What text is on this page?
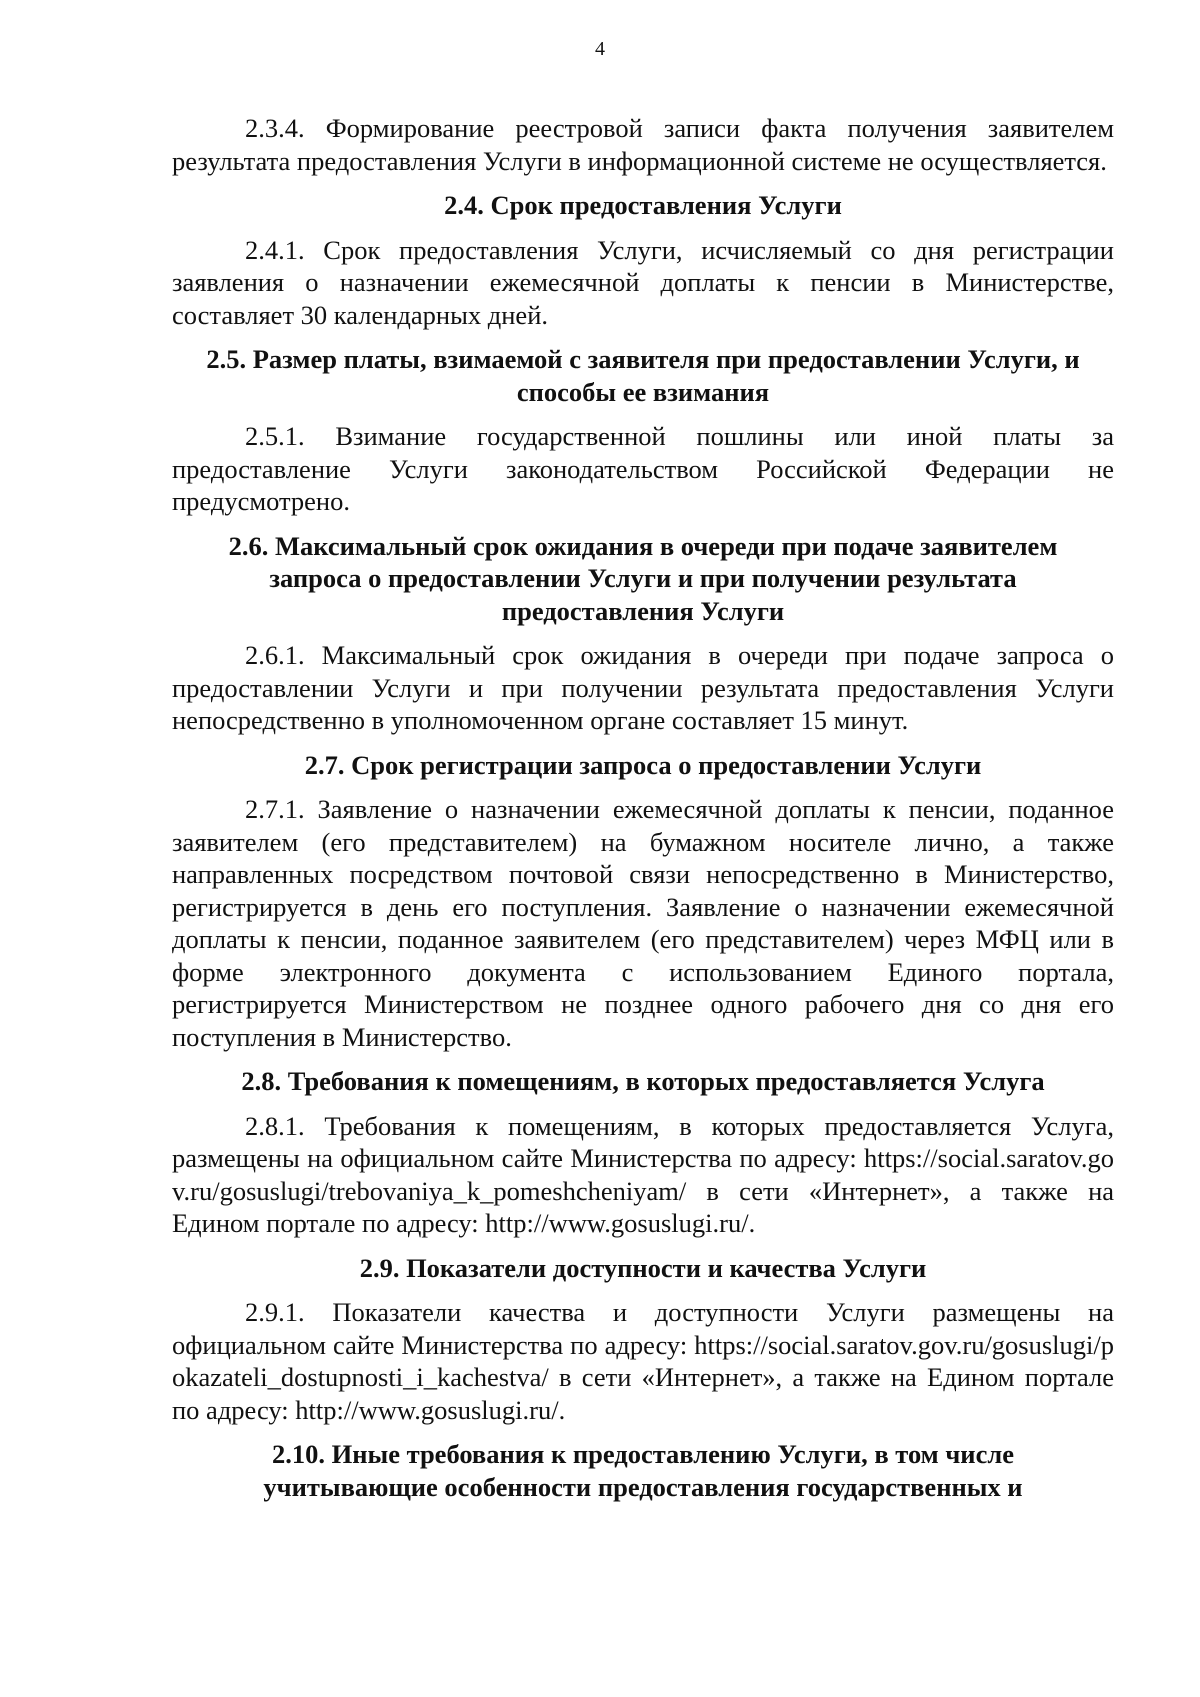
4

2.3.4. Формирование реестровой записи факта получения заявителем результата предоставления Услуги в информационной системе не осуществляется.

2.4. Срок предоставления Услуги

2.4.1. Срок предоставления Услуги, исчисляемый со дня регистрации заявления о назначении ежемесячной доплаты к пенсии в Министерстве, составляет 30 календарных дней.

2.5. Размер платы, взимаемой с заявителя при предоставлении Услуги, и
способы ее взимания

2.5.1. Взимание государственной пошлины или иной платы за предоставление Услуги законодательством Российской Федерации не предусмотрено.

2.6. Максимальный срок ожидания в очереди при подаче заявителем
запроса о предоставлении Услуги и при получении результата
предоставления Услуги

2.6.1. Максимальный срок ожидания в очереди при подаче запроса о предоставлении Услуги и при получении результата предоставления Услуги непосредственно в уполномоченном органе составляет 15 минут.

2.7. Срок регистрации запроса о предоставлении Услуги

2.7.1. Заявление о назначении ежемесячной доплаты к пенсии, поданное заявителем (его представителем) на бумажном носителе лично, а также направленных посредством почтовой связи непосредственно в Министерство, регистрируется в день его поступления. Заявление о назначении ежемесячной доплаты к пенсии, поданное заявителем (его представителем) через МФЦ или в форме электронного документа с использованием Единого портала, регистрируется Министерством не позднее одного рабочего дня со дня его поступления в Министерство.

2.8. Требования к помещениям, в которых предоставляется Услуга

2.8.1. Требования к помещениям, в которых предоставляется Услуга, размещены на официальном сайте Министерства по адресу: https://social.saratov.gov.ru/gosuslugi/trebovaniya_k_pomeshcheniyam/ в сети «Интернет», а также на Едином портале по адресу: http://www.gosuslugi.ru/.

2.9. Показатели доступности и качества Услуги

2.9.1. Показатели качества и доступности Услуги размещены на официальном сайте Министерства по адресу: https://social.saratov.gov.ru/gosuslugi/pokazateli_dostupnosti_i_kachestva/ в сети «Интернет», а также на Едином портале по адресу: http://www.gosuslugi.ru/.

2.10. Иные требования к предоставлению Услуги, в том числе
учитывающие особенности предоставления государственных и
